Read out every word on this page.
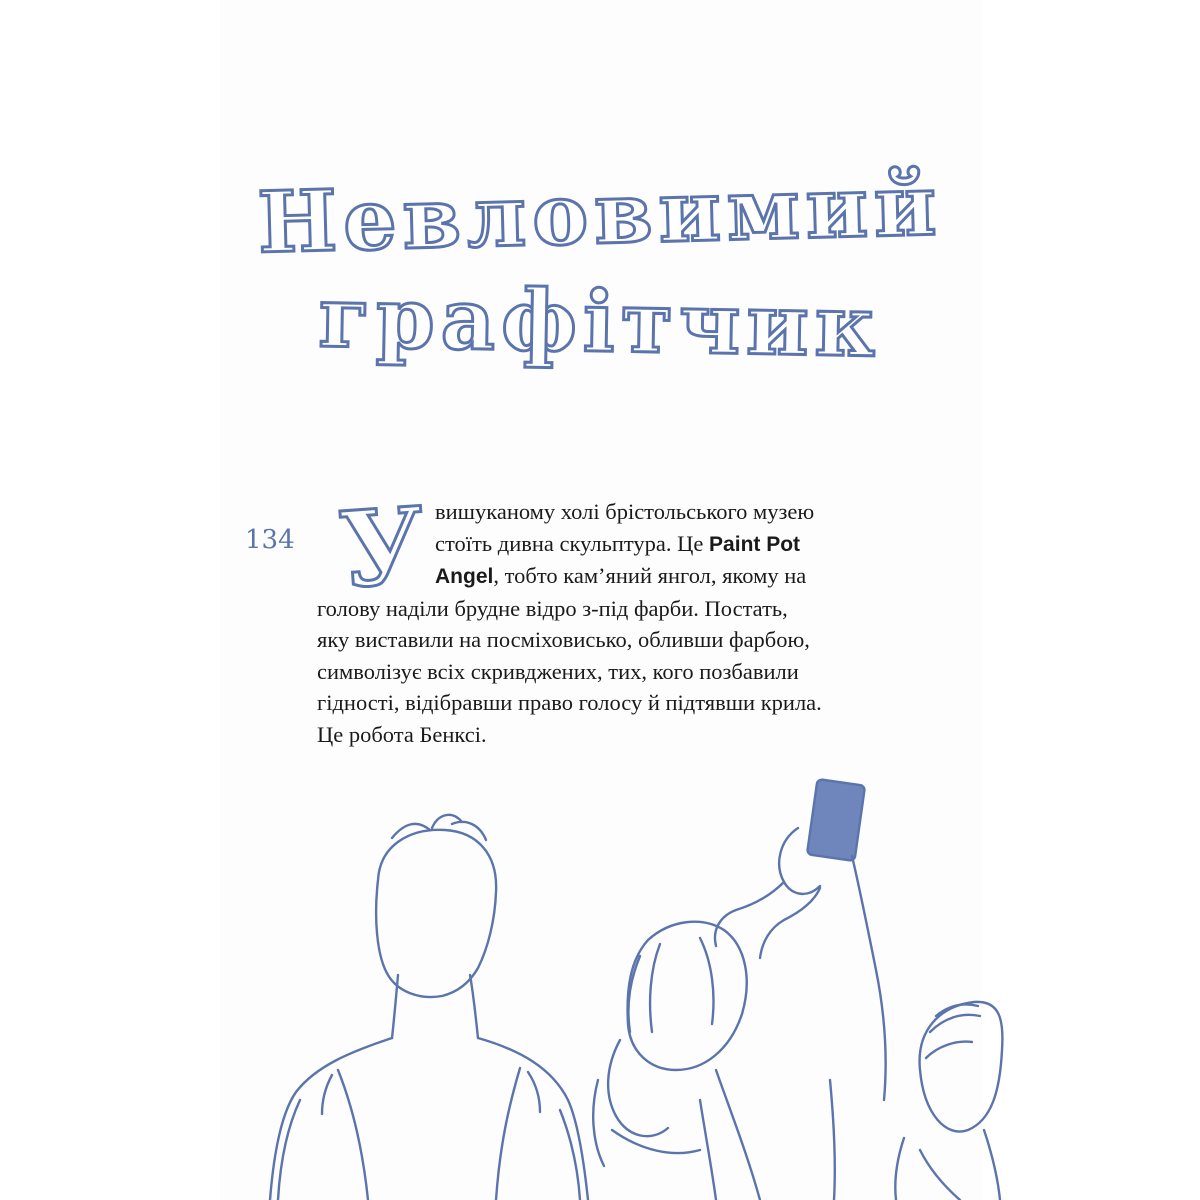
Невловимий
графітчик
134 У вишуканому холі брістольського музею
стоїть дивна скульптура. Це Paint Pot
Angel, тобто кам’яний янгол, якому на
голову наділи брудне відро з-під фарби. Постать,
яку виставили на посміховисько, обливши фарбою,
символізує всіх скривджених, тих, кого позбавили
гідності, відібравши право голосу й підтявши крила.
Це робота Бенксі.
